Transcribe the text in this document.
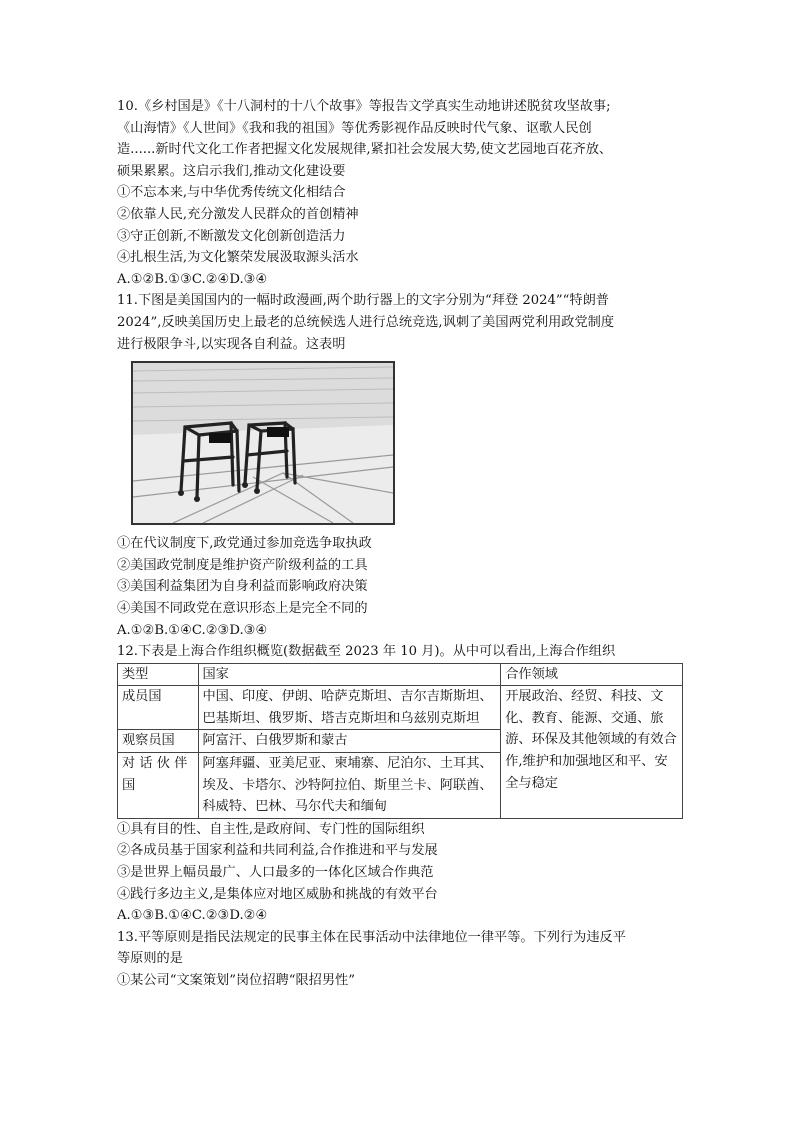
10.《乡村国是》《十八洞村的十八个故事》等报告文学真实生动地讲述脱贫攻坚故事;
《山海情》《人世间》《我和我的祖国》等优秀影视作品反映时代气象、讴歌人民创
造......新时代文化工作者把握文化发展规律,紧扣社会发展大势,使文艺园地百花齐放、
硕果累累。这启示我们,推动文化建设要
①不忘本来,与中华优秀传统文化相结合
②依靠人民,充分激发人民群众的首创精神
③守正创新,不断激发文化创新创造活力
④扎根生活,为文化繁荣发展汲取源头活水
A.①②B.①③C.②④D.③④
11.下图是美国国内的一幅时政漫画,两个助行器上的文字分别为“拜登 2024”“特朗普
2024”,反映美国历史上最老的总统候选人进行总统竞选,讽刺了美国两党利用政党制度
进行极限争斗,以实现各自利益。这表明
①在代议制度下,政党通过参加竞选争取执政
②美国政党制度是维护资产阶级利益的工具
③美国利益集团为自身利益而影响政府决策
④美国不同政党在意识形态上是完全不同的
A.①②B.①④C.②③D.③④
12.下表是上海合作组织概览(数据截至 2023 年 10 月)。从中可以看出,上海合作组织
类型	国家	合作领域
成员国	中国、印度、伊朗、哈萨克斯坦、吉尔吉斯斯坦、巴基斯坦、俄罗斯、塔吉克斯坦和乌兹别克斯坦	开展政治、经贸、科技、文化、教育、能源、交通、旅游、环保及其他领域的有效合作,维护和加强地区和平、安全与稳定
观察员国	阿富汗、白俄罗斯和蒙古	
对 话 伙 伴 国	阿塞拜疆、亚美尼亚、柬埔寨、尼泊尔、土耳其、埃及、卡塔尔、沙特阿拉伯、斯里兰卡、阿联酋、科威特、巴林、马尔代夫和缅甸	
①具有目的性、自主性,是政府间、专门性的国际组织
②各成员基于国家利益和共同利益,合作推进和平与发展
③是世界上幅员最广、人口最多的一体化区域合作典范
④践行多边主义,是集体应对地区威胁和挑战的有效平台
A.①③B.①④C.②③D.②④
13.平等原则是指民法规定的民事主体在民事活动中法律地位一律平等。下列行为违反平
等原则的是
①某公司“文案策划”岗位招聘“限招男性”
